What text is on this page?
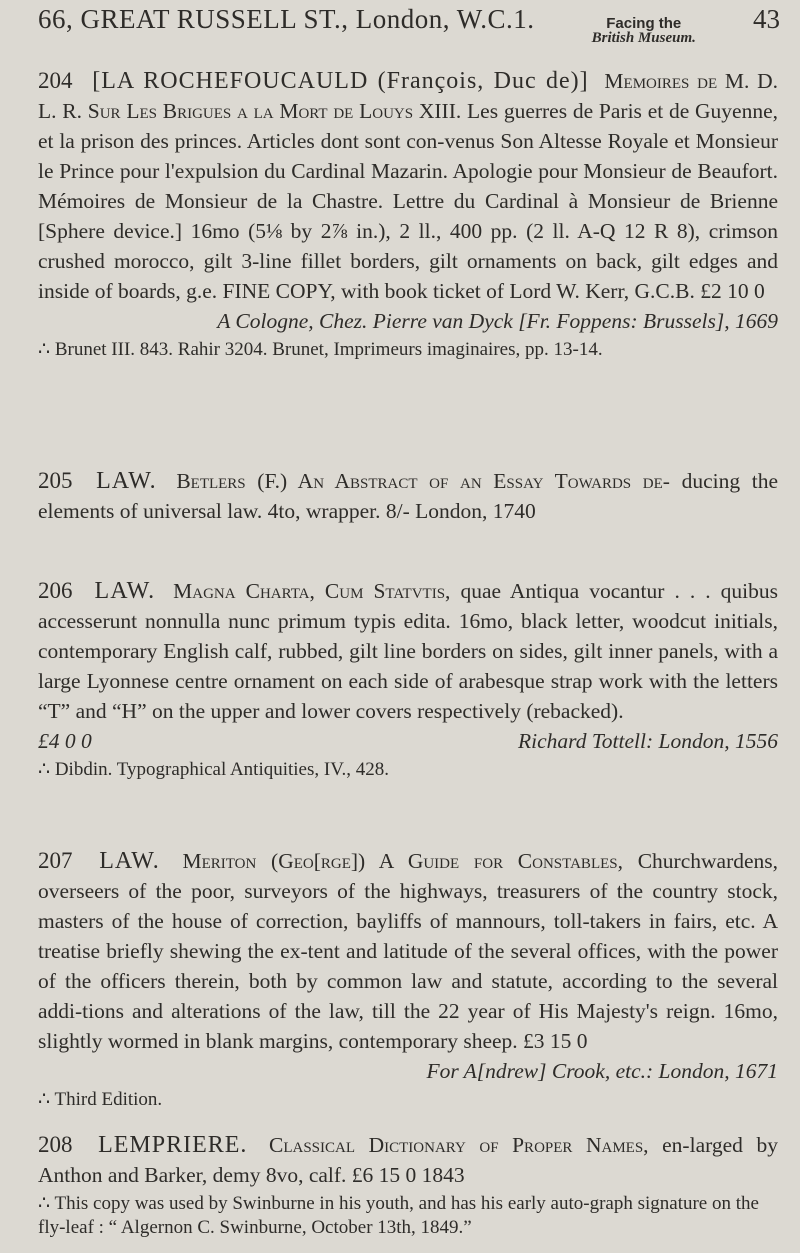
66, GREAT RUSSELL ST., London, W.C.1.	Facing the
British Museum.
43

204 [LA ROCHEFOUCAULD (François, Duc de)] Memoires de M. D. L. R. Sur Les Brigues a la Mort de Louys XIII. Les guerres de Paris et de Guyenne, et la prison des princes. Articles dont sont con-venus Son Altesse Royale et Monsieur le Prince pour l'expulsion du Cardinal Mazarin. Apologie pour Monsieur de Beaufort. Mémoires de Monsieur de la Chastre. Lettre du Cardinal à Monsieur de Brienne [Sphere device.] 16mo (5⅛ by 2⅞ in.), 2 ll., 400 pp. (2 ll. A-Q 12 R 8), crimson crushed morocco, gilt 3-line fillet borders, gilt ornaments on back, gilt edges and inside of boards, g.e. FINE COPY, with book ticket of Lord W. Kerr, G.C.B. £2 10 0

A Cologne, Chez. Pierre van Dyck [Fr. Foppens: Brussels], 1669

∴ Brunet III. 843. Rahir 3204. Brunet, Imprimeurs imaginaires, pp. 13-14.

205 LAW. Betlers (F.) An Abstract of an Essay Towards de- ducing the elements of universal law. 4to, wrapper. 8/- London, 1740

206 LAW. Magna Charta, Cum Statvtis, quae Antiqua vocantur . . . quibus accesserunt nonnulla nunc primum typis edita. 16mo, black letter, woodcut initials, contemporary English calf, rubbed, gilt line borders on sides, gilt inner panels, with a large Lyonnese centre ornament on each side of arabesque strap work with the letters “T” and “H” on the upper and lower covers respectively (rebacked).

£4 0 0	Richard Tottell: London, 1556

∴ Dibdin. Typographical Antiquities, IV., 428.

207 LAW. Meriton (Geo[rge]) A Guide for Constables, Churchwardens, overseers of the poor, surveyors of the highways, treasurers of the country stock, masters of the house of correction, bayliffs of mannours, toll-takers in fairs, etc. A treatise briefly shewing the ex-tent and latitude of the several offices, with the power of the officers therein, both by common law and statute, according to the several addi-tions and alterations of the law, till the 22 year of His Majesty's reign. 16mo, slightly wormed in blank margins, contemporary sheep. £3 15 0

For A[ndrew] Crook, etc.: London, 1671

∴ Third Edition.

208 LEMPRIERE. Classical Dictionary of Proper Names, en-larged by Anthon and Barker, demy 8vo, calf. £6 15 0 1843

∴ This copy was used by Swinburne in his youth, and has his early auto-graph signature on the fly-leaf : “ Algernon C. Swinburne, October 13th, 1849.”
